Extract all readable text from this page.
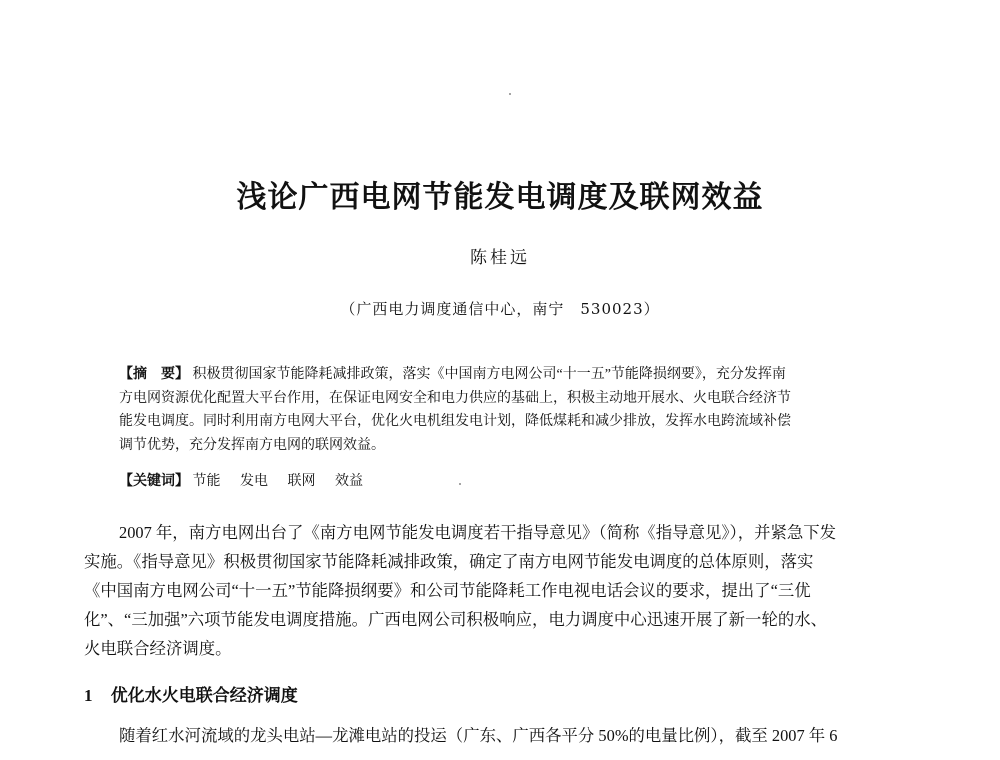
浅论广西电网节能发电调度及联网效益
陈桂远
（广西电力调度通信中心，南宁　530023）
【摘　要】 积极贯彻国家节能降耗减排政策，落实《中国南方电网公司“十一五”节能降损纲要》，充分发挥南
方电网资源优化配置大平台作用，在保证电网安全和电力供应的基础上，积极主动地开展水、火电联合经济节
能发电调度。同时利用南方电网大平台，优化火电机组发电计划，降低煤耗和减少排放，发挥水电跨流域补偿
调节优势，充分发挥南方电网的联网效益。
【关键词】 节能 发电 联网 效益
2007 年，南方电网出台了《南方电网节能发电调度若干指导意见》（简称《指导意见》），并紧急下发
实施。《指导意见》积极贯彻国家节能降耗减排政策，确定了南方电网节能发电调度的总体原则，落实
《中国南方电网公司“十一五”节能降损纲要》和公司节能降耗工作电视电话会议的要求，提出了“三优
化”、“三加强”六项节能发电调度措施。广西电网公司积极响应，电力调度中心迅速开展了新一轮的水、
火电联合经济调度。
1 优化水火电联合经济调度
随着红水河流域的龙头电站—龙滩电站的投运（广东、广西各平分 50%的电量比例），截至 2007 年 6
